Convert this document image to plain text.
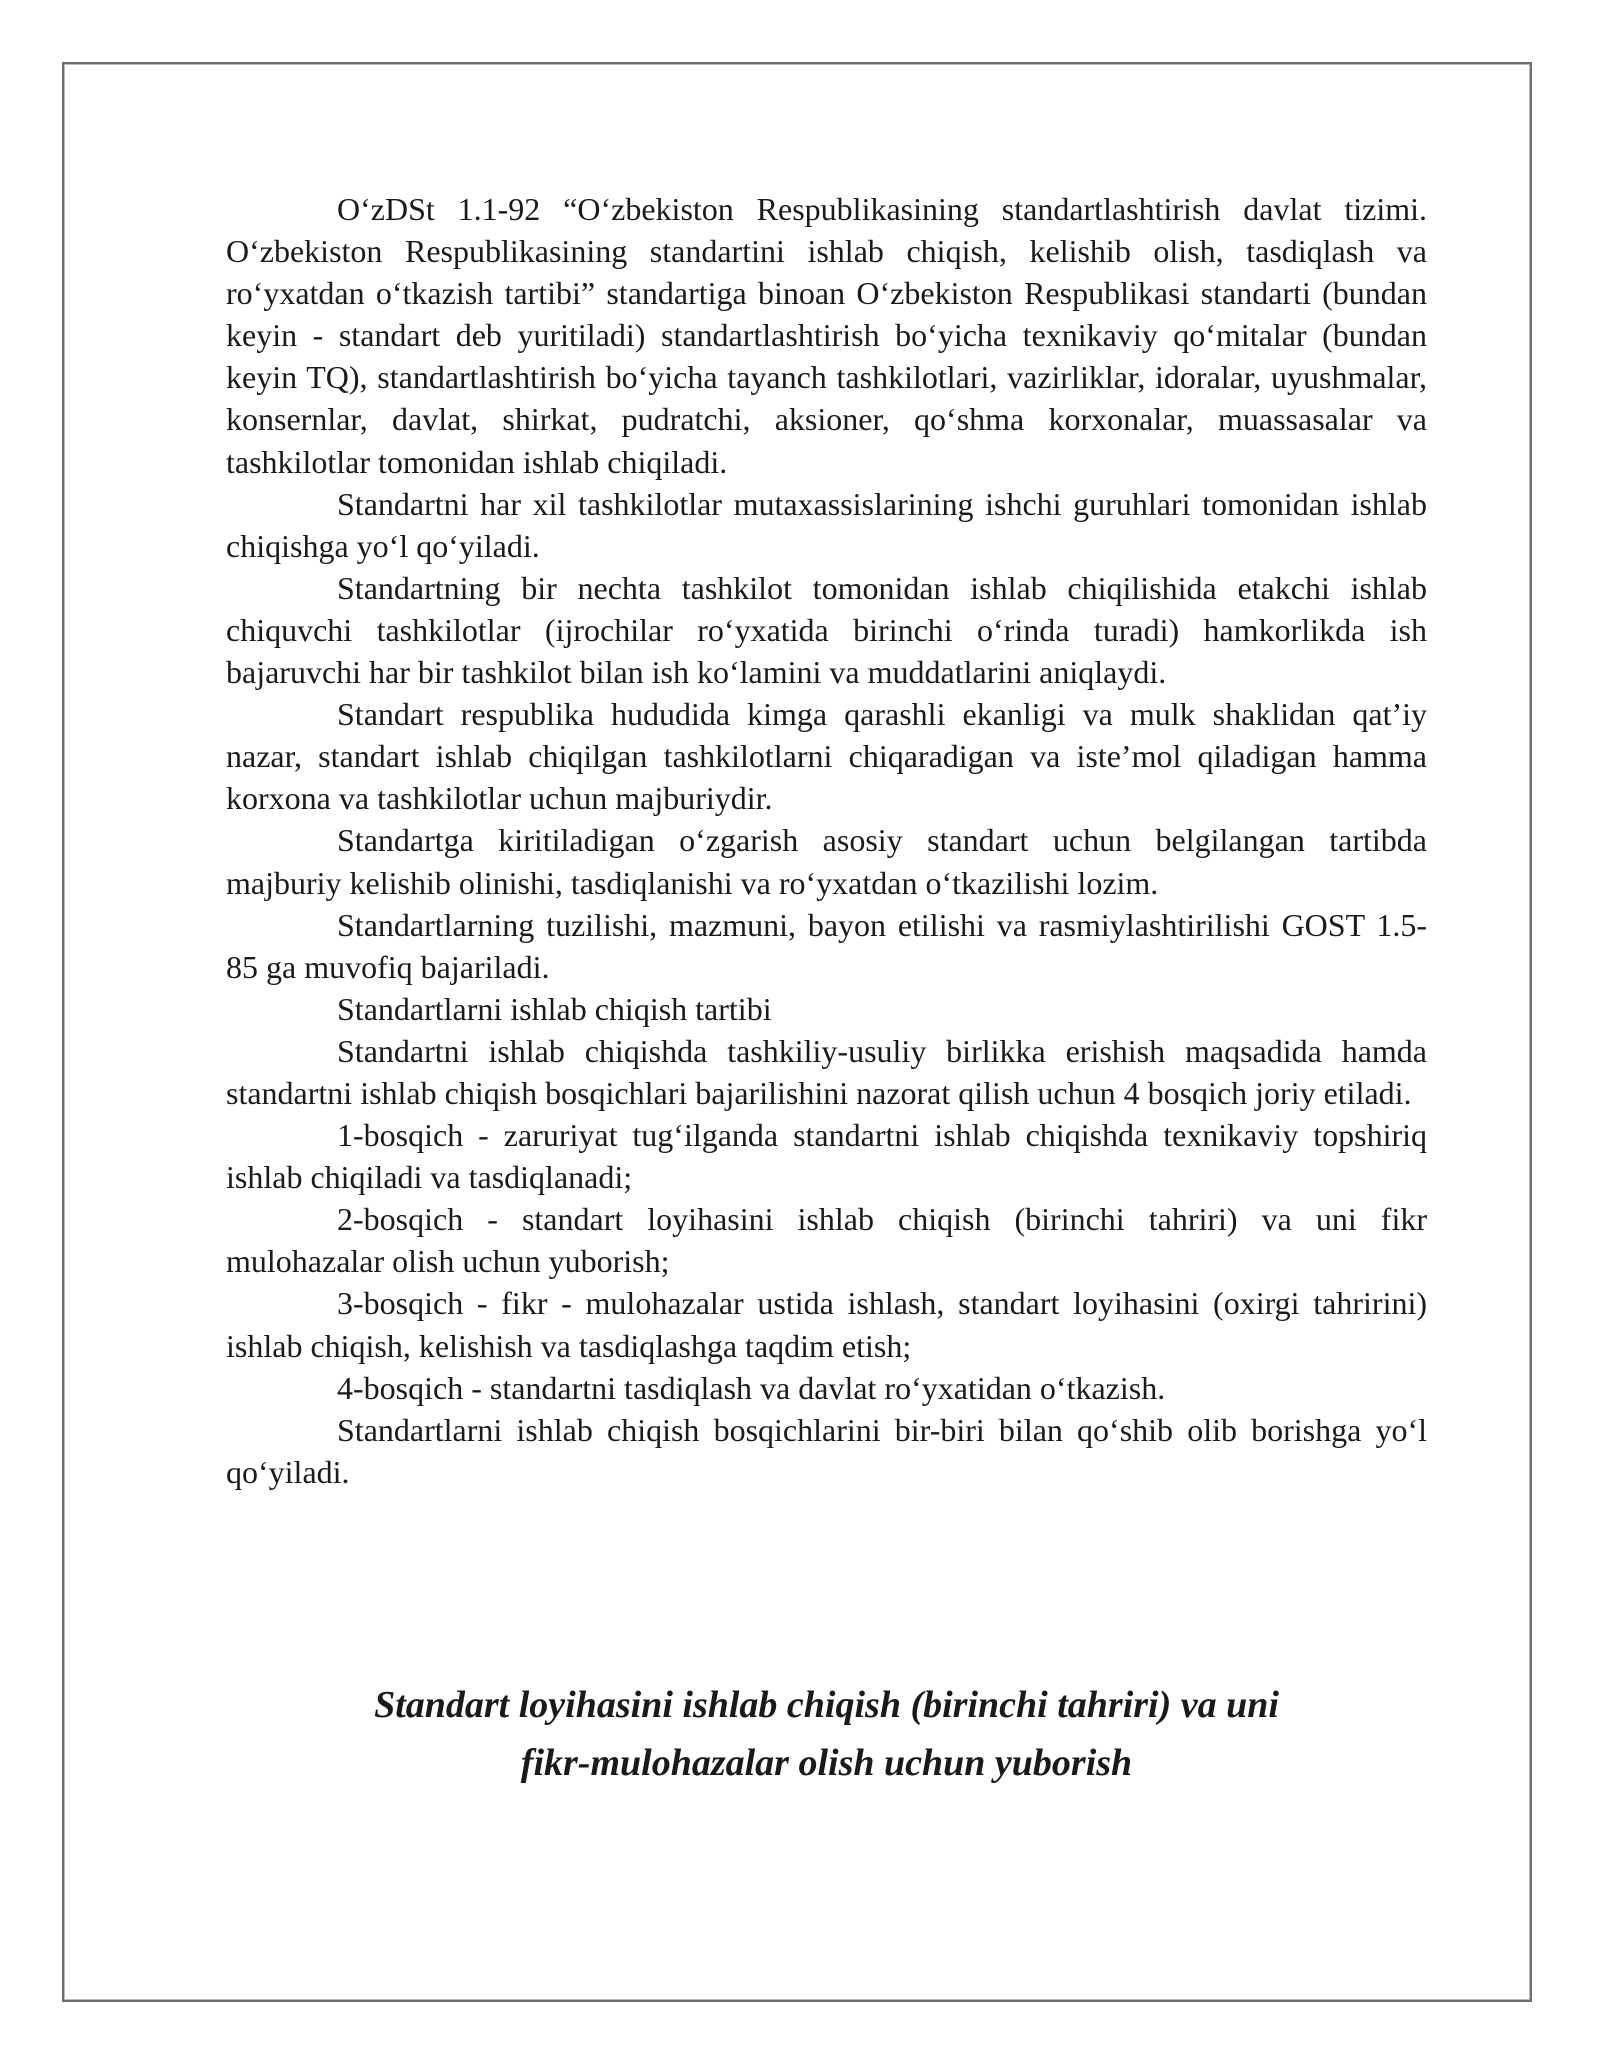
O‘zDSt 1.1-92 “O‘zbekiston Respublikasining standartlashtirish davlat tizimi. O‘zbekiston Respublikasining standartini ishlab chiqish, kelishib olish, tasdiqlash va ro‘yxatdan o‘tkazish tartibi” standartiga binoan O‘zbekiston Respublikasi standarti (bundan keyin - standart deb yuritiladi) standartlashtirish bo‘yicha texnikaviy qo‘mitalar (bundan keyin TQ), standartlashtirish bo‘yicha tayanch tashkilotlari, vazirliklar, idoralar, uyushmalar, konsernlar, davlat, shirkat, pudratchi, aksioner, qo‘shma korxonalar, muassasalar va tashkilotlar tomonidan ishlab chiqiladi.

Standartni har xil tashkilotlar mutaxassislarining ishchi guruhlari tomonidan ishlab chiqishga yo‘l qo‘yiladi.

Standartning bir nechta tashkilot tomonidan ishlab chiqilishida etakchi ishlab chiquvchi tashkilotlar (ijrochilar ro‘yxatida birinchi o‘rinda turadi) hamkorlikda ish bajaruvchi har bir tashkilot bilan ish ko‘lamini va muddatlarini aniqlaydi.

Standart respublika hududida kimga qarashli ekanligi va mulk shaklidan qat’iy nazar, standart ishlab chiqilgan tashkilotlarni chiqaradigan va iste’mol qiladigan hamma korxona va tashkilotlar uchun majburiydir.

Standartga kiritiladigan o‘zgarish asosiy standart uchun belgilangan tartibda majburiy kelishib olinishi, tasdiqlanishi va ro‘yxatdan o‘tkazilishi lozim.

Standartlarning tuzilishi, mazmuni, bayon etilishi va rasmiylashtirilishi GOST 1.5-85 ga muvofiq bajariladi.

Standartlarni ishlab chiqish tartibi

Standartni ishlab chiqishda tashkiliy-usuliy birlikka erishish maqsadida hamda standartni ishlab chiqish bosqichlari bajarilishini nazorat qilish uchun 4 bosqich joriy etiladi.

1-bosqich - zaruriyat tug‘ilganda standartni ishlab chiqishda texnikaviy topshiriq ishlab chiqiladi va tasdiqlanadi;

2-bosqich - standart loyihasini ishlab chiqish (birinchi tahriri) va uni fikr mulohazalar olish uchun yuborish;

3-bosqich - fikr - mulohazalar ustida ishlash, standart loyihasini (oxirgi tahririni) ishlab chiqish, kelishish va tasdiqlashga taqdim etish;

4-bosqich - standartni tasdiqlash va davlat ro‘yxatidan o‘tkazish.

Standartlarni ishlab chiqish bosqichlarini bir-biri bilan qo‘shib olib borishga yo‘l qo‘yiladi.

Standart loyihasini ishlab chiqish (birinchi tahriri) va uni
fikr-mulohazalar olish uchun yuborish
